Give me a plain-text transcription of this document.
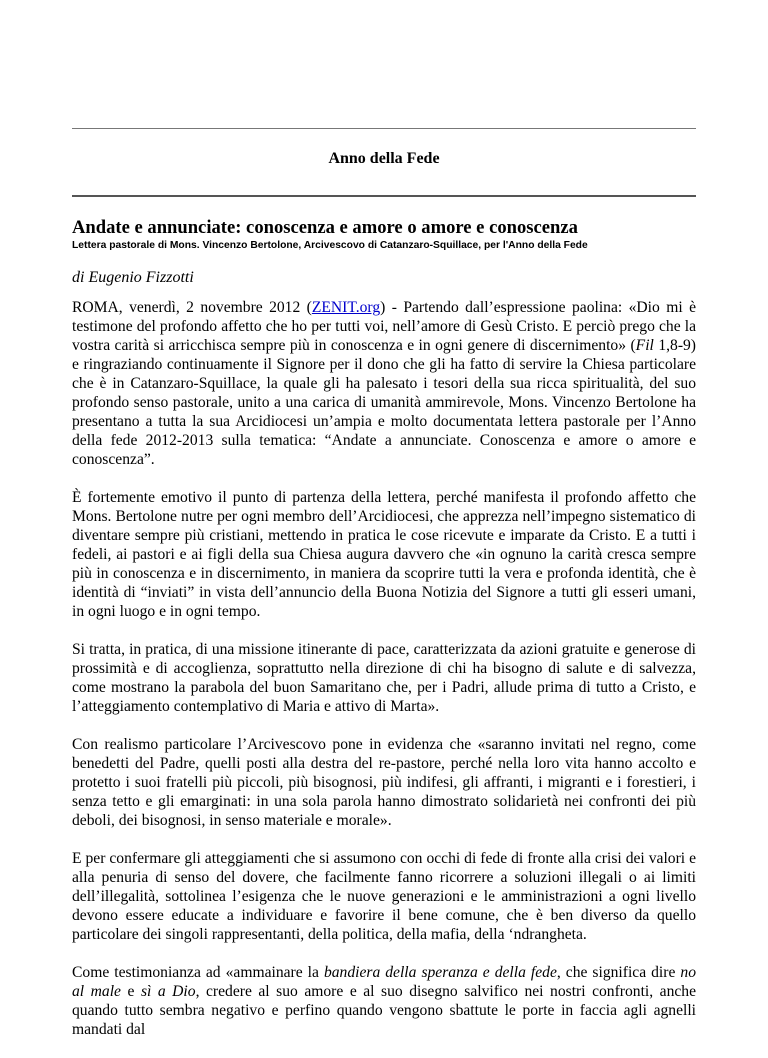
Anno della Fede
Andate e annunciate: conoscenza e amore o amore e conoscenza
Lettera pastorale di Mons. Vincenzo Bertolone, Arcivescovo di Catanzaro-Squillace, per l'Anno della Fede
di Eugenio Fizzotti

ROMA, venerdì, 2 novembre 2012 (ZENIT.org) - Partendo dall’espressione paolina: «Dio mi è testimone del profondo affetto che ho per tutti voi, nell’amore di Gesù Cristo. E perciò prego che la vostra carità si arricchisca sempre più in conoscenza e in ogni genere di discernimento» (Fil 1,8-9) e ringraziando continuamente il Signore per il dono che gli ha fatto di servire la Chiesa particolare che è in Catanzaro-Squillace, la quale gli ha palesato i tesori della sua ricca spiritualità, del suo profondo senso pastorale, unito a una carica di umanità ammirevole, Mons. Vincenzo Bertolone ha presentano a tutta la sua Arcidiocesi un’ampia e molto documentata lettera pastorale per l’Anno della fede 2012-2013 sulla tematica: “Andate a annunciate. Conoscenza e amore o amore e conoscenza”.

È fortemente emotivo il punto di partenza della lettera, perché manifesta il profondo affetto che Mons. Bertolone nutre per ogni membro dell’Arcidiocesi, che apprezza nell’impegno sistematico di diventare sempre più cristiani, mettendo in pratica le cose ricevute e imparate da Cristo. E a tutti i fedeli, ai pastori e ai figli della sua Chiesa augura davvero che «in ognuno la carità cresca sempre più in conoscenza e in discernimento, in maniera da scoprire tutti la vera e profonda identità, che è identità di “inviati” in vista dell’annuncio della Buona Notizia del Signore a tutti gli esseri umani, in ogni luogo e in ogni tempo.

Si tratta, in pratica, di una missione itinerante di pace, caratterizzata da azioni gratuite e generose di prossimità e di accoglienza, soprattutto nella direzione di chi ha bisogno di salute e di salvezza, come mostrano la parabola del buon Samaritano che, per i Padri, allude prima di tutto a Cristo, e l’atteggiamento contemplativo di Maria e attivo di Marta».

Con realismo particolare l’Arcivescovo pone in evidenza che «saranno invitati nel regno, come benedetti del Padre, quelli posti alla destra del re-pastore, perché nella loro vita hanno accolto e protetto i suoi fratelli più piccoli, più bisognosi, più indifesi, gli affranti, i migranti e i forestieri, i senza tetto e gli emarginati: in una sola parola hanno dimostrato solidarietà nei confronti dei più deboli, dei bisognosi, in senso materiale e morale».

E per confermare gli atteggiamenti che si assumono con occhi di fede di fronte alla crisi dei valori e alla penuria di senso del dovere, che facilmente fanno ricorrere a soluzioni illegali o ai limiti dell’illegalità, sottolinea l’esigenza che le nuove generazioni e le amministrazioni a ogni livello devono essere educate a individuare e favorire il bene comune, che è ben diverso da quello particolare dei singoli rappresentanti, della politica, della mafia, della ‘ndrangheta.

Come testimonianza ad «ammainare la bandiera della speranza e della fede, che significa dire no al male e sì a Dio, credere al suo amore e al suo disegno salvifico nei nostri confronti, anche quando tutto sembra negativo e perfino quando vengono sbattute le porte in faccia agli agnelli mandati dal
